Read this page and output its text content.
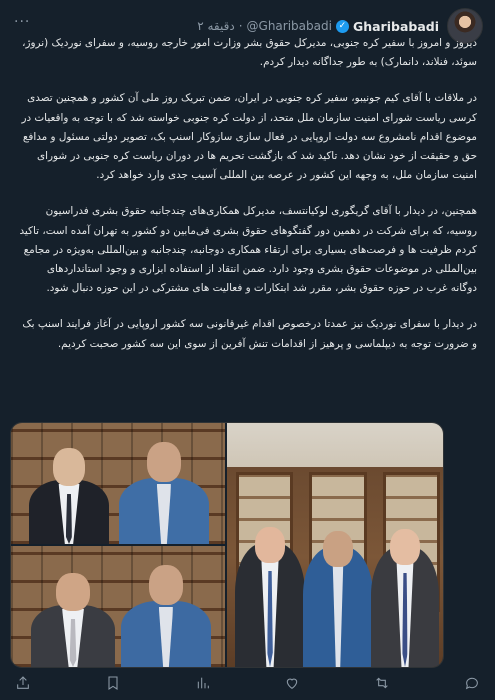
Gharibabadi
✓
@Gharibabadi
·
۲ دقیقه
···

دیروز و امروز با سفیر کره جنوبی، مدیرکل حقوق بشر وزارت امور خارجه روسیه، و سفرای نوردیک (نروژ، سوئد، فنلاند، دانمارک) به طور جداگانه دیدار کردم.

در ملاقات با آقای کیم جونیبو، سفیر کره جنوبی در ایران، ضمن تبریک روز ملی آن کشور و همچنین تصدی کرسی ریاست شورای امنیت سازمان ملل متحد، از دولت کره جنوبی خواسته شد که با توجه به واقعیات در موضوع اقدام نامشروع سه دولت اروپایی در فعال سازی سازوکار اسنپ بک، تصویر دولتی مسئول و مدافع حق و حقیقت از خود نشان دهد. تاکید شد که بازگشت تحریم ها در دوران ریاست کره جنوبی در شورای امنیت سازمان ملل، به وجهه این کشور در عرصه بین المللی آسیب جدی وارد خواهد کرد.

همچنین، در دیدار با آقای گریگوری لوکیانتسف، مدیرکل همکاری‌های چندجانبه حقوق بشری فدراسیون روسیه، که برای شرکت در دهمین دور گفتگوهای حقوق بشری فی‌مابین دو کشور به تهران آمده است، تاکید کردم ظرفیت ها و فرصت‌های بسیاری برای ارتقاء همکاری دوجانبه، چندجانبه و بین‌المللی به‌ویژه در مجامع بین‌المللی در موضوعات حقوق بشری وجود دارد. ضمن انتقاد از استفاده ابزاری و وجود استانداردهای دوگانه غرب در حوزه حقوق بشر، مقرر شد ابتکارات و فعالیت های مشترکی در این حوزه دنبال شود.

در دیدار با سفرای نوردیک نیز عمدتا درخصوص اقدام غیرقانونی سه کشور اروپایی در آغاز فرایند اسنپ بک و ضرورت توجه به دیپلماسی و پرهیز از اقدامات تنش آفرین از سوی این سه کشور صحبت کردیم.
